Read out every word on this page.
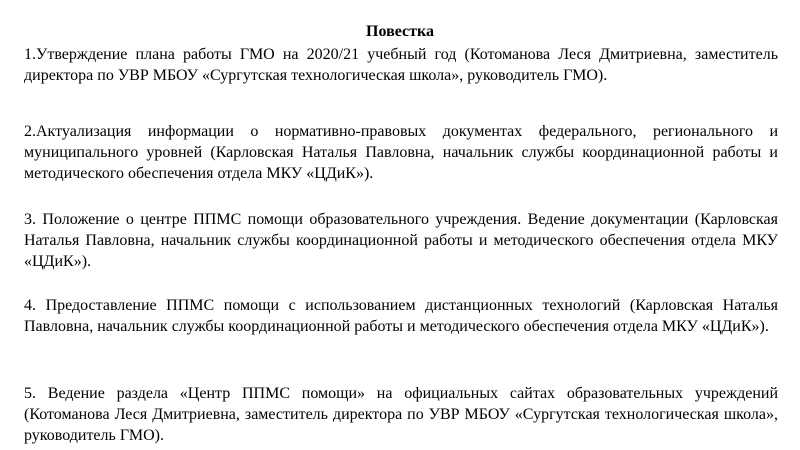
Повестка

1.Утверждение плана работы ГМО на 2020/21 учебный год (Котоманова Леся Дмитриевна, заместитель директора по УВР МБОУ «Сургутская технологическая школа», руководитель ГМО).

2.Актуализация информации о нормативно-правовых документах федерального, регионального и муниципального уровней (Карловская Наталья Павловна, начальник службы координационной работы и методического обеспечения отдела МКУ «ЦДиК»).

3. Положение о центре ППМС помощи образовательного учреждения. Ведение документации (Карловская Наталья Павловна, начальник службы координационной работы и методического обеспечения отдела МКУ «ЦДиК»).

4. Предоставление ППМС помощи с использованием дистанционных технологий (Карловская Наталья Павловна, начальник службы координационной работы и методического обеспечения отдела МКУ «ЦДиК»).

5. Ведение раздела «Центр ППМС помощи» на официальных сайтах образовательных учреждений (Котоманова Леся Дмитриевна, заместитель директора по УВР МБОУ «Сургутская технологическая школа», руководитель ГМО).
